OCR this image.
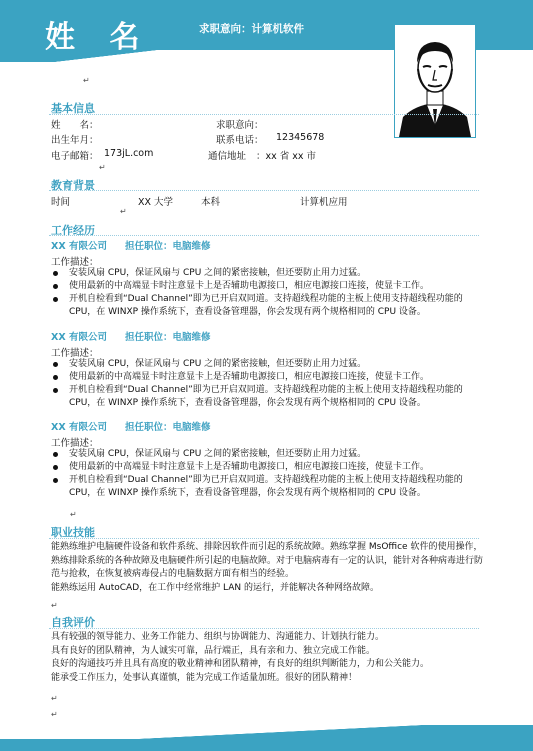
姓 名	求职意向：计算机软件
↵
基本信息
姓　　名：	求职意向：
出生年月：	联系电话： 12345678
电子邮箱： 173jL.com	通信地址 ：xx 省 xx 市
↵
教育背景
时间	XX 大学	本科	计算机应用
↵
工作经历
XX 有限公司 担任职位：电脑维修
工作描述：
安装风扇 CPU，保证风扇与 CPU 之间的紧密接触，但还要防止用力过猛。
使用最新的中高端显卡时注意显卡上是否辅助电源接口，相应电源接口连接，使显卡工作。
开机自检看到“Dual Channel”即为已开启双同道。支持超线程功能的主板上使用支持超线程功能的 CPU，在 WINXP 操作系统下，查看设备管理器，你会发现有两个规格相同的 CPU 设备。
XX 有限公司 担任职位：电脑维修
工作描述：
安装风扇 CPU，保证风扇与 CPU 之间的紧密接触，但还要防止用力过猛。
使用最新的中高端显卡时注意显卡上是否辅助电源接口，相应电源接口连接，使显卡工作。
开机自检看到“Dual Channel”即为已开启双同道。支持超线程功能的主板上使用支持超线程功能的 CPU，在 WINXP 操作系统下，查看设备管理器，你会发现有两个规格相同的 CPU 设备。
XX 有限公司 担任职位：电脑维修
工作描述：
安装风扇 CPU，保证风扇与 CPU 之间的紧密接触，但还要防止用力过猛。
使用最新的中高端显卡时注意显卡上是否辅助电源接口，相应电源接口连接，使显卡工作。
开机自检看到“Dual Channel”即为已开启双同道。支持超线程功能的主板上使用支持超线程功能的 CPU，在 WINXP 操作系统下，查看设备管理器，你会发现有两个规格相同的 CPU 设备。
↵
职业技能

能熟练维护电脑硬件设备和软件系统、排除因软件而引起的系统故障。熟练掌握 MsOffice 软件的使用操作，熟练排除系统的各种故障及电脑硬件所引起的电脑故障。对于电脑病毒有一定的认识，能针对各种病毒进行防范与抢救，在恢复被病毒侵占的电脑数据方面有相当的经验。

能熟练运用 AutoCAD，在工作中经常维护 LAN 的运行，并能解决各种网络故障。

↵
自我评价

具有较强的领导能力、业务工作能力、组织与协调能力、沟通能力、计划执行能力。

具有良好的团队精神，为人诚实可靠，品行端正，具有亲和力、独立完成工作能。

良好的沟通技巧并且具有高度的敬业精神和团队精神，有良好的组织判断能力，力和公关能力。

能承受工作压力，处事认真谨慎，能为完成工作适量加班。很好的团队精神！

↵
↵
